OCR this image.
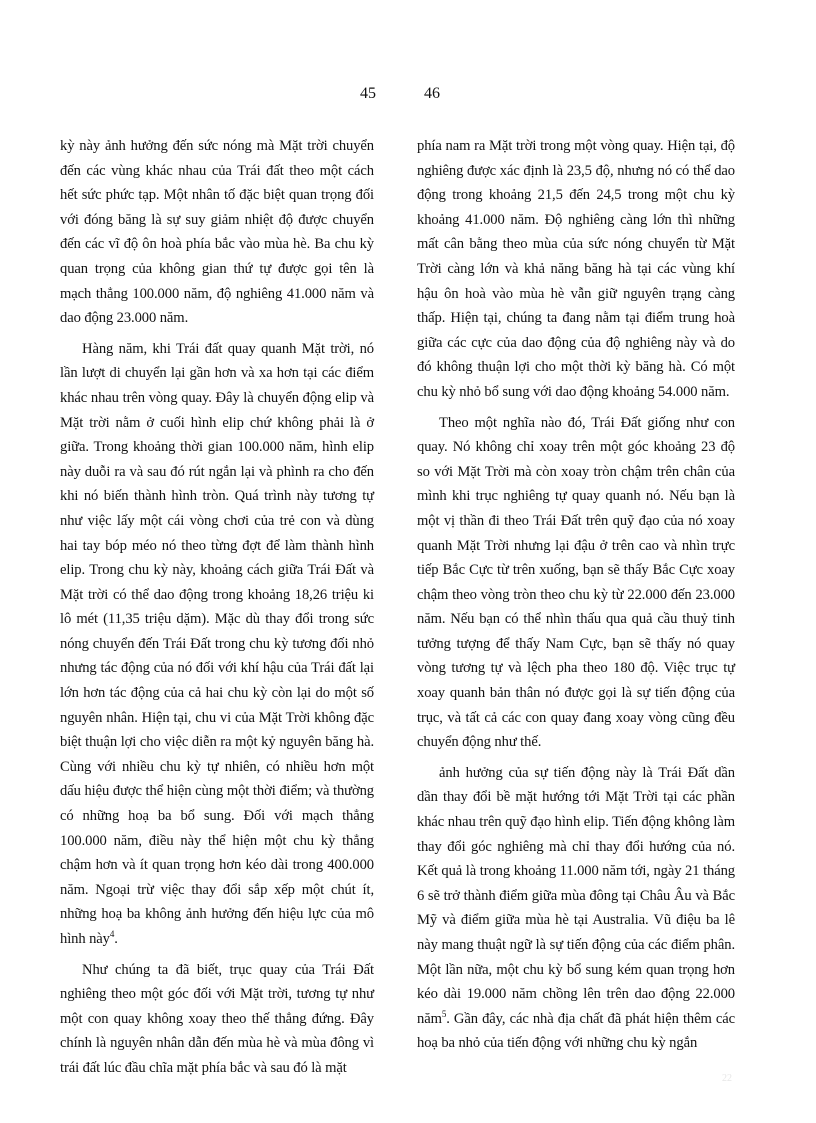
45	46

kỳ này ảnh hưởng đến sức nóng mà Mặt trời chuyển đến các vùng khác nhau của Trái đất theo một cách hết sức phức tạp. Một nhân tố đặc biệt quan trọng đối với đóng băng là sự suy giảm nhiệt độ được chuyển đến các vĩ độ ôn hoà phía bắc vào mùa hè. Ba chu kỳ quan trọng của không gian thứ tự được gọi tên là mạch thẳng 100.000 năm, độ nghiêng 41.000 năm và dao động 23.000 năm.

Hàng năm, khi Trái đất quay quanh Mặt trời, nó lần lượt di chuyển lại gần hơn và xa hơn tại các điểm khác nhau trên vòng quay. Đây là chuyển động elip và Mặt trời nằm ở cuối hình elip chứ không phải là ở giữa. Trong khoảng thời gian 100.000 năm, hình elip này duỗi ra và sau đó rút ngắn lại và phình ra cho đến khi nó biến thành hình tròn. Quá trình này tương tự như việc lấy một cái vòng chơi của trẻ con và dùng hai tay bóp méo nó theo từng đợt để làm thành hình elip. Trong chu kỳ này, khoảng cách giữa Trái Đất và Mặt trời có thể dao động trong khoảng 18,26 triệu ki lô mét (11,35 triệu dặm). Mặc dù thay đổi trong sức nóng chuyển đến Trái Đất trong chu kỳ tương đối nhỏ nhưng tác động của nó đối với khí hậu của Trái đất lại lớn hơn tác động của cả hai chu kỳ còn lại do một số nguyên nhân. Hiện tại, chu vi của Mặt Trời không đặc biệt thuận lợi cho việc diễn ra một kỷ nguyên băng hà. Cùng với nhiều chu kỳ tự nhiên, có nhiều hơn một dấu hiệu được thể hiện cùng một thời điểm; và thường có những hoạ ba bổ sung. Đối với mạch thẳng 100.000 năm, điều này thể hiện một chu kỳ thẳng chậm hơn và ít quan trọng hơn kéo dài trong 400.000 năm. Ngoại trừ việc thay đổi sắp xếp một chút ít, những hoạ ba không ảnh hưởng đến hiệu lực của mô hình này$^4$.

Như chúng ta đã biết, trục quay của Trái Đất nghiêng theo một góc đối với Mặt trời, tương tự như một con quay không xoay theo thế thẳng đứng. Đây chính là nguyên nhân dẫn đến mùa hè và mùa đông vì trái đất lúc đầu chĩa mặt phía bắc và sau đó là mặt

phía nam ra Mặt trời trong một vòng quay. Hiện tại, độ nghiêng được xác định là 23,5 độ, nhưng nó có thể dao động trong khoảng 21,5 đến 24,5 trong một chu kỳ khoảng 41.000 năm. Độ nghiêng càng lớn thì những mất cân bằng theo mùa của sức nóng chuyển từ Mặt Trời càng lớn và khả năng băng hà tại các vùng khí hậu ôn hoà vào mùa hè vẫn giữ nguyên trạng càng thấp. Hiện tại, chúng ta đang nằm tại điểm trung hoà giữa các cực của dao động của độ nghiêng này và do đó không thuận lợi cho một thời kỳ băng hà. Có một chu kỳ nhỏ bổ sung với dao động khoảng 54.000 năm.

Theo một nghĩa nào đó, Trái Đất giống như con quay. Nó không chỉ xoay trên một góc khoảng 23 độ so với Mặt Trời mà còn xoay tròn chậm trên chân của mình khi trục nghiêng tự quay quanh nó. Nếu bạn là một vị thần đi theo Trái Đất trên quỹ đạo của nó xoay quanh Mặt Trời nhưng lại đậu ở trên cao và nhìn trực tiếp Bắc Cực từ trên xuống, bạn sẽ thấy Bắc Cực xoay chậm theo vòng tròn theo chu kỳ từ 22.000 đến 23.000 năm. Nếu bạn có thể nhìn thấu qua quả cầu thuỷ tinh tưởng tượng để thấy Nam Cực, bạn sẽ thấy nó quay vòng tương tự và lệch pha theo 180 độ. Việc trục tự xoay quanh bản thân nó được gọi là sự tiến động của trục, và tất cả các con quay đang xoay vòng cũng đều chuyển động như thế.

ảnh hưởng của sự tiến động này là Trái Đất dần dần thay đổi bề mặt hướng tới Mặt Trời tại các phần khác nhau trên quỹ đạo hình elip. Tiến động không làm thay đổi góc nghiêng mà chỉ thay đổi hướng của nó. Kết quả là trong khoảng 11.000 năm tới, ngày 21 tháng 6 sẽ trở thành điểm giữa mùa đông tại Châu Âu và Bắc Mỹ và điểm giữa mùa hè tại Australia. Vũ điệu ba lê này mang thuật ngữ là sự tiến động của các điểm phân. Một lần nữa, một chu kỳ bổ sung kém quan trọng hơn kéo dài 19.000 năm chồng lên trên dao động 22.000 năm$^5$. Gần đây, các nhà địa chất đã phát hiện thêm các hoạ ba nhỏ của tiến động với những chu kỳ ngắn

22
